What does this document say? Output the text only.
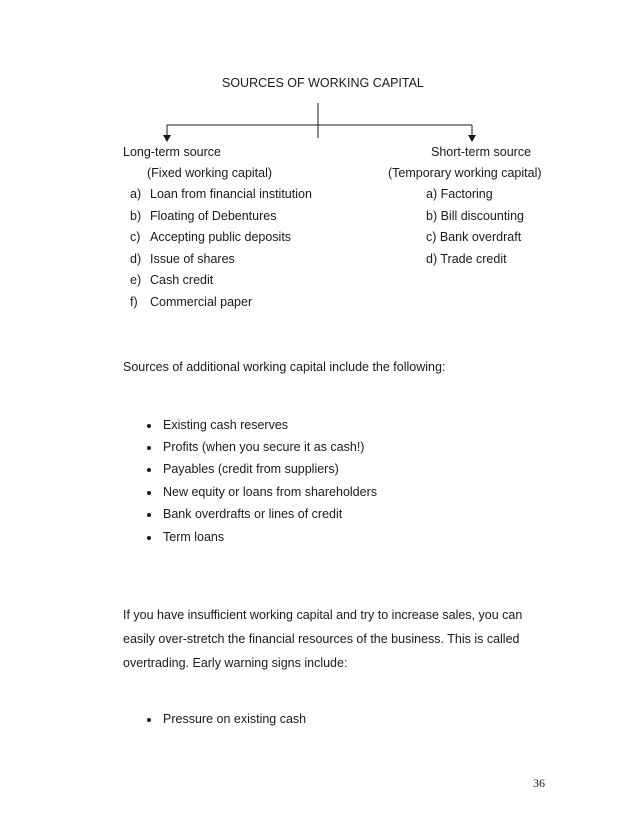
SOURCES OF WORKING CAPITAL
Long-term source
(Fixed working capital)
a) Loan from financial institution
b) Floating of Debentures
c) Accepting public deposits
d) Issue of shares
e) Cash credit
f) Commercial paper
Short-term source
(Temporary working capital)
a) Factoring
b) Bill discounting
c) Bank overdraft
d) Trade credit
Sources of additional working capital include the following:
Existing cash reserves
Profits (when you secure it as cash!)
Payables (credit from suppliers)
New equity or loans from shareholders
Bank overdrafts or lines of credit
Term loans
If you have insufficient working capital and try to increase sales, you can
easily over-stretch the financial resources of the business. This is called
overtrading. Early warning signs include:
Pressure on existing cash
36
